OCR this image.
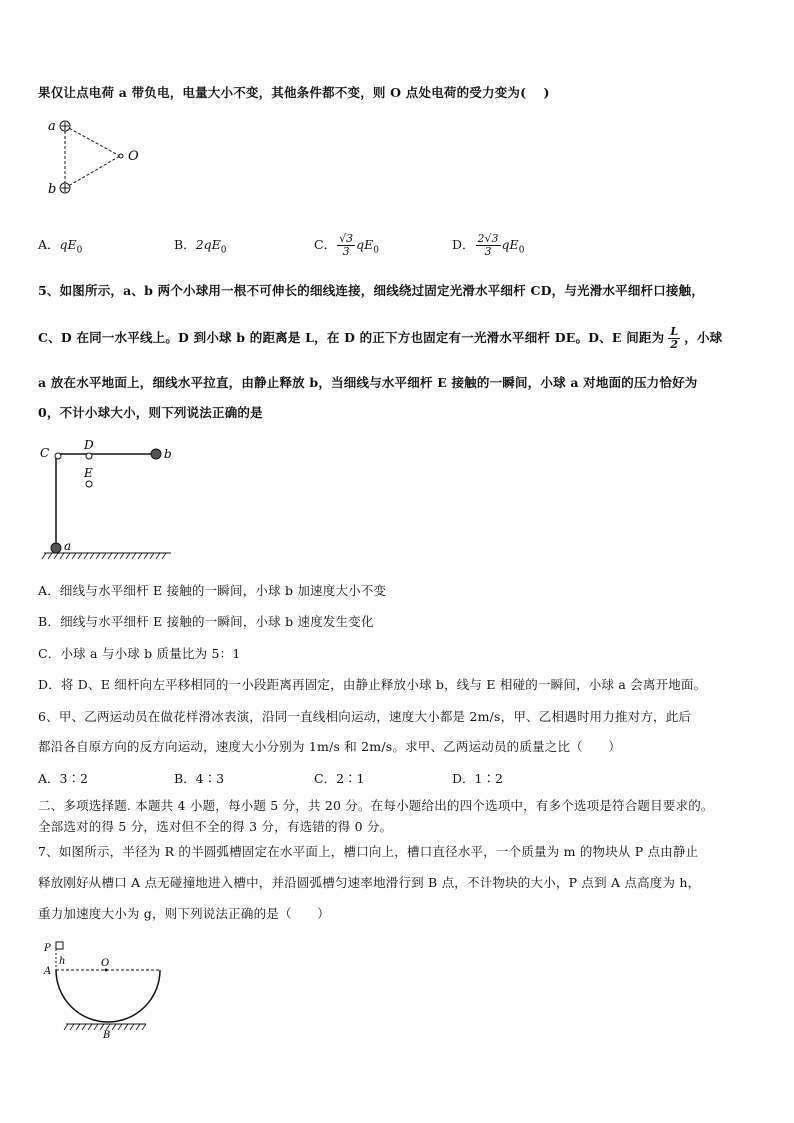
果仅让点电荷 a 带负电，电量大小不变，其他条件都不变，则 O 点处电荷的受力变为(　 )
a
b
O
A．$qE_0$	B．$2qE_0$	C． $\frac{√3}{3} qE_0$	D． $\frac{2√3}{3} qE_0$
5、如图所示，a、b 两个小球用一根不可伸长的细线连接，细线绕过固定光滑水平细杆 CD，与光滑水平细杆口接触，
C、D 在同一水平线上。D 到小球 b 的距离是 L，在 D 的正下方也固定有一光滑水平细杆 DE。D、E 间距为 $\frac{L}{2}$ ，小球
a 放在水平地面上，细线水平拉直，由静止释放 b，当细线与水平细杆 E 接触的一瞬间，小球 a 对地面的压力恰好为
0，不计小球大小，则下列说法正确的是
C
D
E
b
a
A．细线与水平细杆 E 接触的一瞬间，小球 b 加速度大小不变
B．细线与水平细杆 E 接触的一瞬间，小球 b 速度发生变化
C．小球 a 与小球 b 质量比为 5：1
D．将 D、E 细杆向左平移相同的一小段距离再固定，由静止释放小球 b，线与 E 相碰的一瞬间，小球 a 会离开地面。
6、甲、乙两运动员在做花样滑冰表演，沿同一直线相向运动，速度大小都是 2m/s，甲、乙相遇时用力推对方，此后
都沿各自原方向的反方向运动，速度大小分别为 1m/s 和 2m/s。求甲、乙两运动员的质量之比（　　）
A．3∶2	B．4∶3	C．2∶1	D．1∶2
二、多项选择题. 本题共 4 小题，每小题 5 分，共 20 分。在每小题给出的四个选项中，有多个选项是符合题目要求的。
全部选对的得 5 分，选对但不全的得 3 分，有选错的得 0 分。
7、如图所示，半径为 R 的半圆弧槽固定在水平面上，槽口向上，槽口直径水平，一个质量为 m 的物块从 P 点由静止
释放刚好从槽口 A 点无碰撞地进入槽中，并沿圆弧槽匀速率地滑行到 B 点，不计物块的大小，P 点到 A 点高度为 h，
重力加速度大小为 g，则下列说法正确的是（　　）
P
h	O
A
B
